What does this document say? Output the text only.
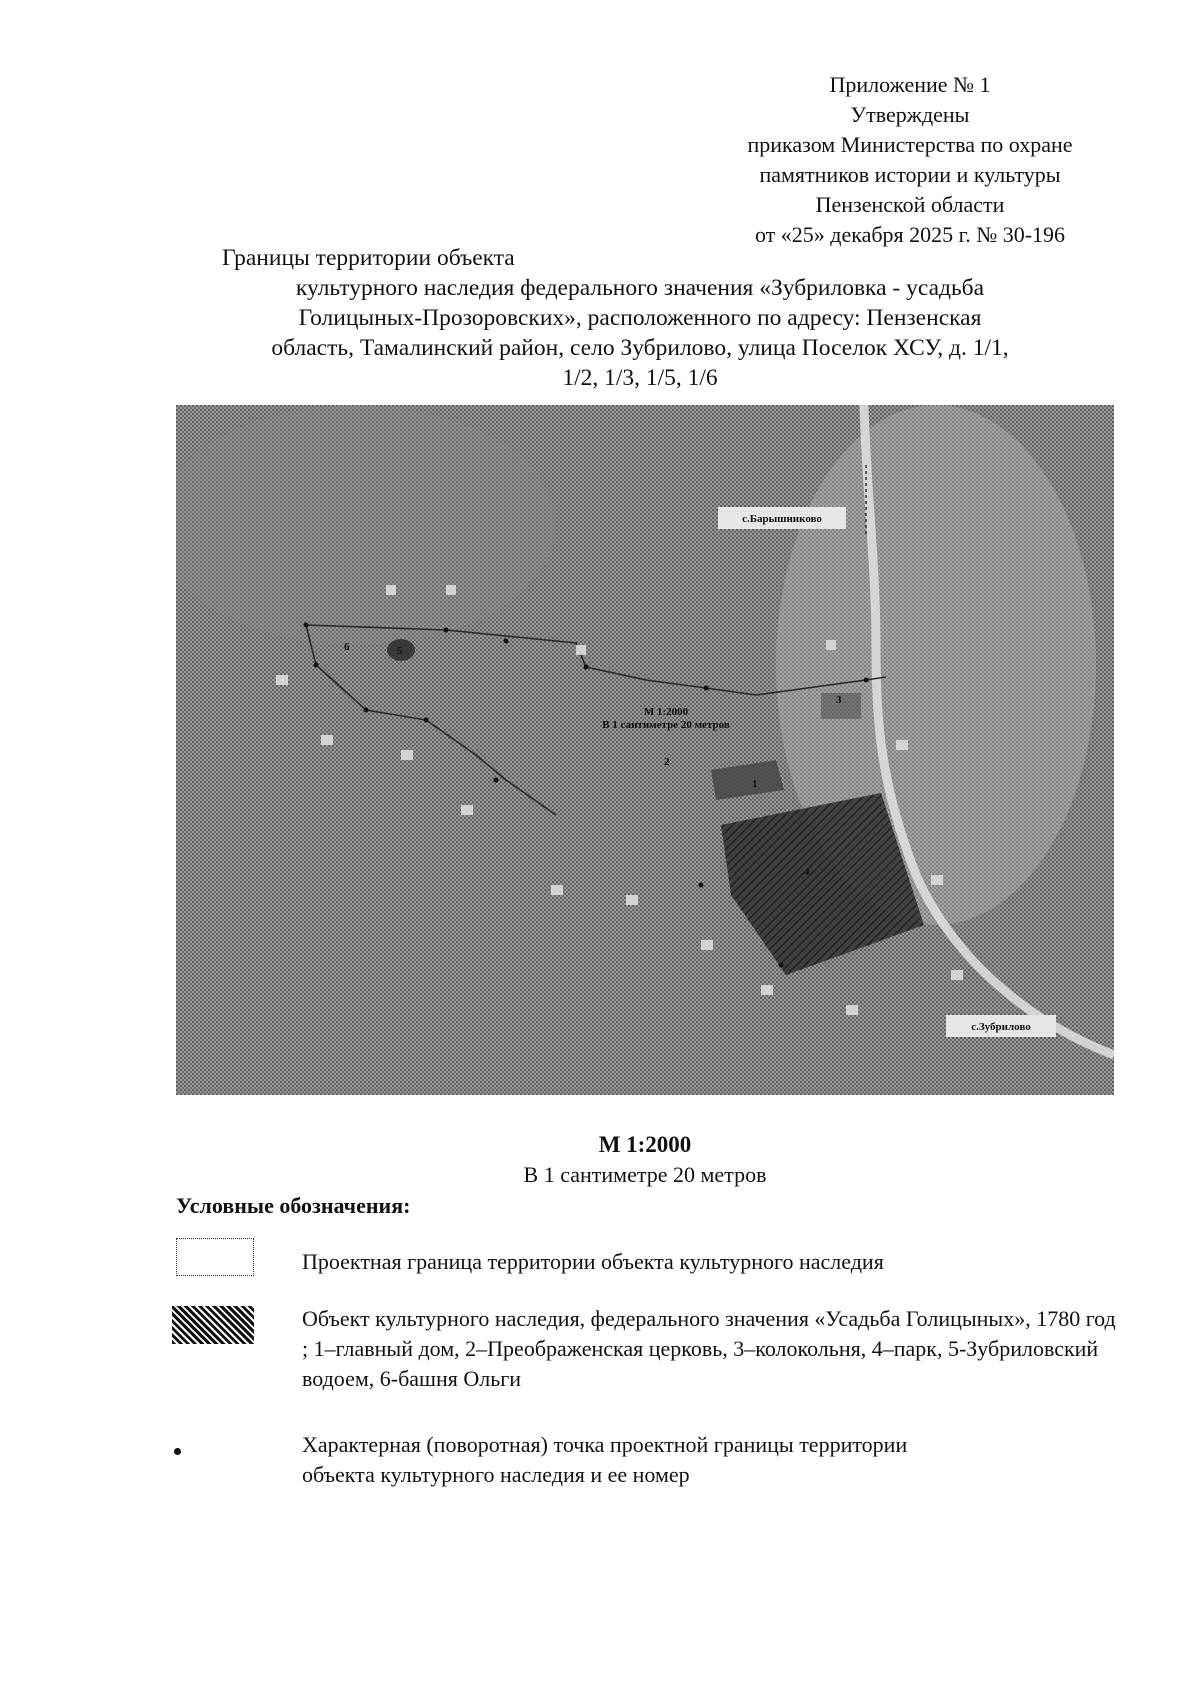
Приложение № 1
Утверждены
приказом Министерства по охране
памятников истории и культуры
Пензенской области
от «25» декабря 2025 г. № 30-196
Границы территории объекта
культурного наследия федерального значения «Зубриловка - усадьба
Голицыных-Прозоровских», расположенного по адресу: Пензенская
область, Тамалинский район, село Зубрилово, улица Поселок ХСУ, д. 1/1,
1/2, 1/3, 1/5, 1/6
с.Барышниково
с.Зубрилово
М 1:2000
В 1 сантиметре 20 метров
1
2
3
4
5
6
М 1:2000
В 1 сантиметре 20 метров
Условные обозначения:
Проектная граница территории объекта культурного наследия
Объект культурного наследия, федерального значения «Усадьба Голицыных», 1780 год ; 1–главный дом, 2–Преображенская церковь, 3–колокольня, 4–парк, 5-Зубриловский водоем, 6-башня Ольги
Характерная (поворотная) точка проектной границы территории объекта культурного наследия и ее номер
